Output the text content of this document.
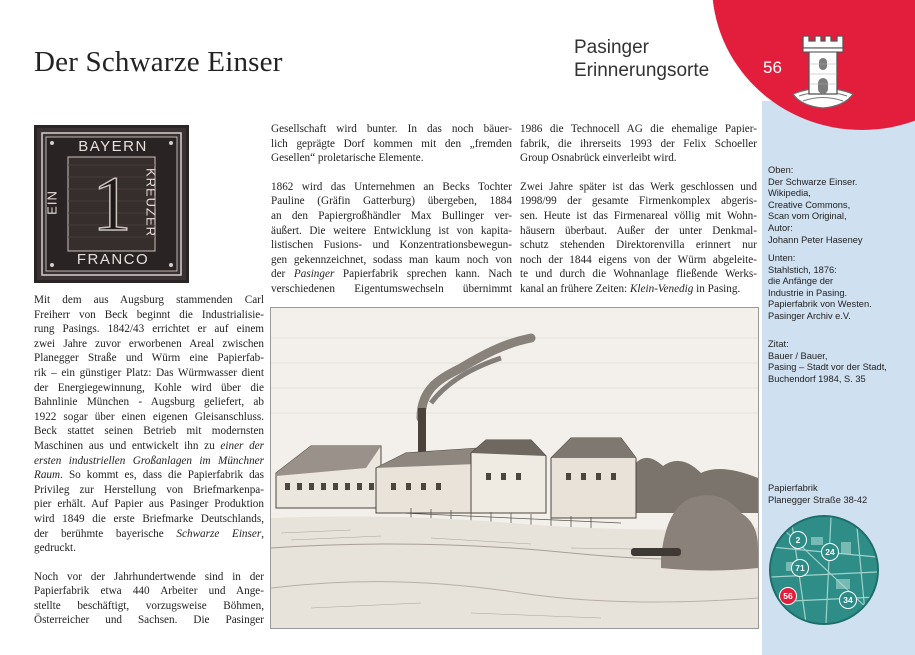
Der Schwarze Einser	Pasinger
Erinnerungsorte	56
BAYERN
FRANCO
EIN	KREUZER
1
Mit dem aus Augsburg stammenden Carl
Freiherr von Beck beginnt die Industrialisie-
rung Pasings. 1842/43 errichtet er auf einem
zwei Jahre zuvor erworbenen Areal zwischen
Planegger Straße und Würm eine Papierfab-
rik – ein günstiger Platz: Das Würmwasser dient
der Energiegewinnung, Kohle wird über die
Bahnlinie München - Augsburg geliefert, ab
1922 sogar über einen eigenen Gleisanschluss.
Beck stattet seinen Betrieb mit modernsten
Maschinen aus und entwickelt ihn zu einer der
ersten industriellen Großanlagen im Münchner
Raum. So kommt es, dass die Papierfabrik das
Privileg zur Herstellung von Briefmarkenpa-
pier erhält. Auf Papier aus Pasinger Produktion
wird 1849 die erste Briefmarke Deutschlands,
der berühmte bayerische Schwarze Einser,
gedruckt.
Noch vor der Jahrhundertwende sind in der
Papierfabrik etwa 440 Arbeiter und Ange-
stellte beschäftigt, vorzugsweise Böhmen,
Österreicher und Sachsen. Die Pasinger
Gesellschaft wird bunter. In das noch bäuer-
lich geprägte Dorf kommen mit den „fremden
Gesellen“ proletarische Elemente.
1862 wird das Unternehmen an Becks Tochter
Pauline (Gräfin Gatterburg) übergeben, 1884
an den Papiergroßhändler Max Bullinger ver-
äußert. Die weitere Entwicklung ist von kapita-
listischen Fusions- und Konzentrationsbewegun-
gen gekennzeichnet, sodass man kaum noch von
der Pasinger Papierfabrik sprechen kann. Nach
verschiedenen Eigentumswechseln übernimmt
1986 die Technocell AG die ehemalige Papier-
fabrik, die ihrerseits 1993 der Felix Schoeller
Group Osnabrück einverleibt wird.
Zwei Jahre später ist das Werk geschlossen und
1998/99 der gesamte Firmenkomplex abgeris-
sen. Heute ist das Firmenareal völlig mit Wohn-
häusern überbaut. Außer der unter Denkmal-
schutz stehenden Direktorenvilla erinnert nur
noch der 1844 eigens von der Würm abgeleite-
te und durch die Wohnanlage fließende Werks-
kanal an frühere Zeiten: Klein-Venedig in Pasing.
Oben:
Der Schwarze Einser.
Wikipedia,
Creative Commons,
Scan vom Original,
Autor:
Johann Peter Haseney
Unten:
Stahlstich, 1876:
die Anfänge der
Industrie in Pasing.
Papierfabrik von Westen.
Pasinger Archiv e.V.
Zitat:
Bauer / Bauer,
Pasing – Stadt vor der Stadt,
Buchendorf 1984, S. 35
Papierfabrik
Planegger Straße 38-42
2
24
71
56	34
